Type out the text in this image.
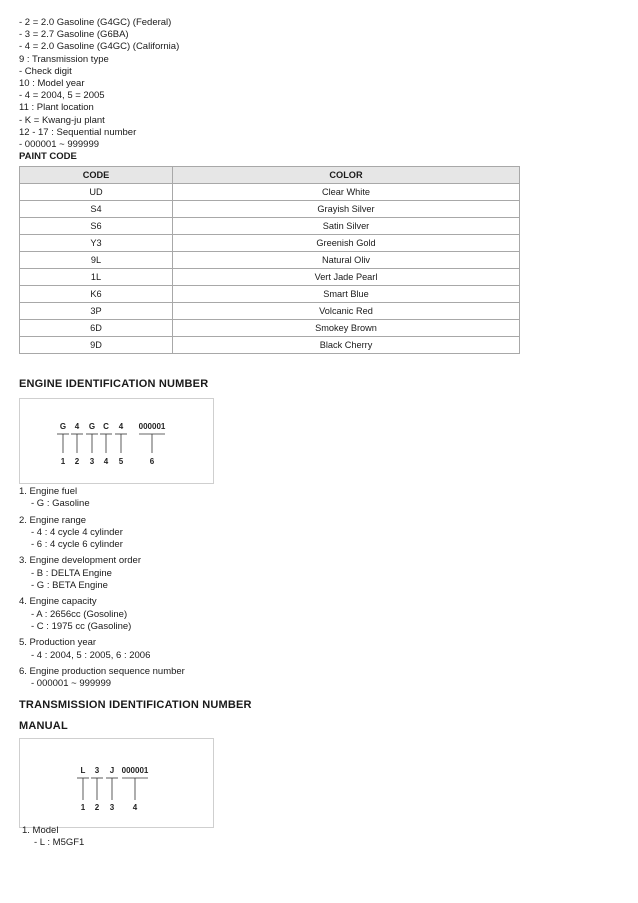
- 2 = 2.0 Gasoline (G4GC) (Federal)
- 3 = 2.7 Gasoline (G6BA)
- 4 = 2.0 Gasoline (G4GC) (California)
9 : Transmission type
- Check digit
10 : Model year
- 4 = 2004, 5 = 2005
11 : Plant location
- K = Kwang-ju plant
12 - 17 : Sequential number
- 000001 ~ 999999
PAINT CODE
CODE	COLOR
UD	Clear White
S4	Grayish Silver
S6	Satin Silver
Y3	Greenish Gold
9L	Natural Oliv
1L	Vert Jade Pearl
K6	Smart Blue
3P	Volcanic Red
6D	Smokey Brown
9D	Black Cherry
ENGINE IDENTIFICATION NUMBER
G
1
4
2
G
3
C
4
4
5
000001
6
1. Engine fuel
- G : Gasoline
2. Engine range
- 4 : 4 cycle 4 cylinder
- 6 : 4 cycle 6 cylinder
3. Engine development order
- B : DELTA Engine
- G : BETA Engine
4. Engine capacity
- A : 2656cc (Gosoline)
- C : 1975 cc (Gasoline)
5. Production year
- 4 : 2004, 5 : 2005, 6 : 2006
6. Engine production sequence number
- 000001 ~ 999999
TRANSMISSION IDENTIFICATION NUMBER
MANUAL
L
1
3
2
J
3
000001
4
1. Model
- L : M5GF1
